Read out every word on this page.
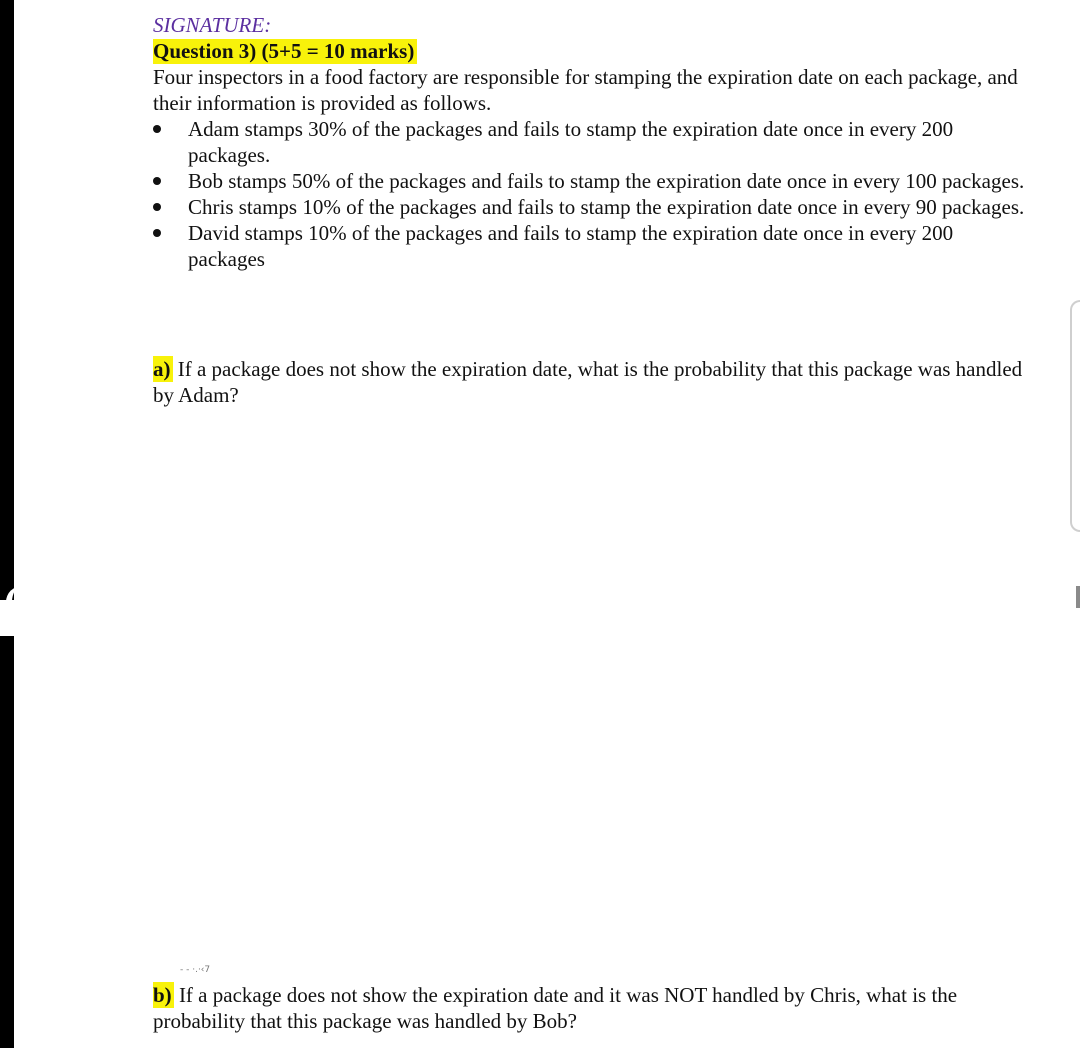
SIGNATURE:
Question 3) (5+5 = 10 marks)

Four inspectors in a food factory are responsible for stamping the expiration date on each package, and their information is provided as follows.

Adam stamps 30% of the packages and fails to stamp the expiration date once in every 200 packages.
Bob stamps 50% of the packages and fails to stamp the expiration date once in every 100 packages.
Chris stamps 10% of the packages and fails to stamp the expiration date once in every 90 packages.
David stamps 10% of the packages and fails to stamp the expiration date once in every 200 packages
a) If a package does not show the expiration date, what is the probability that this package was handled by Adam?
‐ ‐ ·.·‹7
b) If a package does not show the expiration date and it was NOT handled by Chris, what is the probability that this package was handled by Bob?
